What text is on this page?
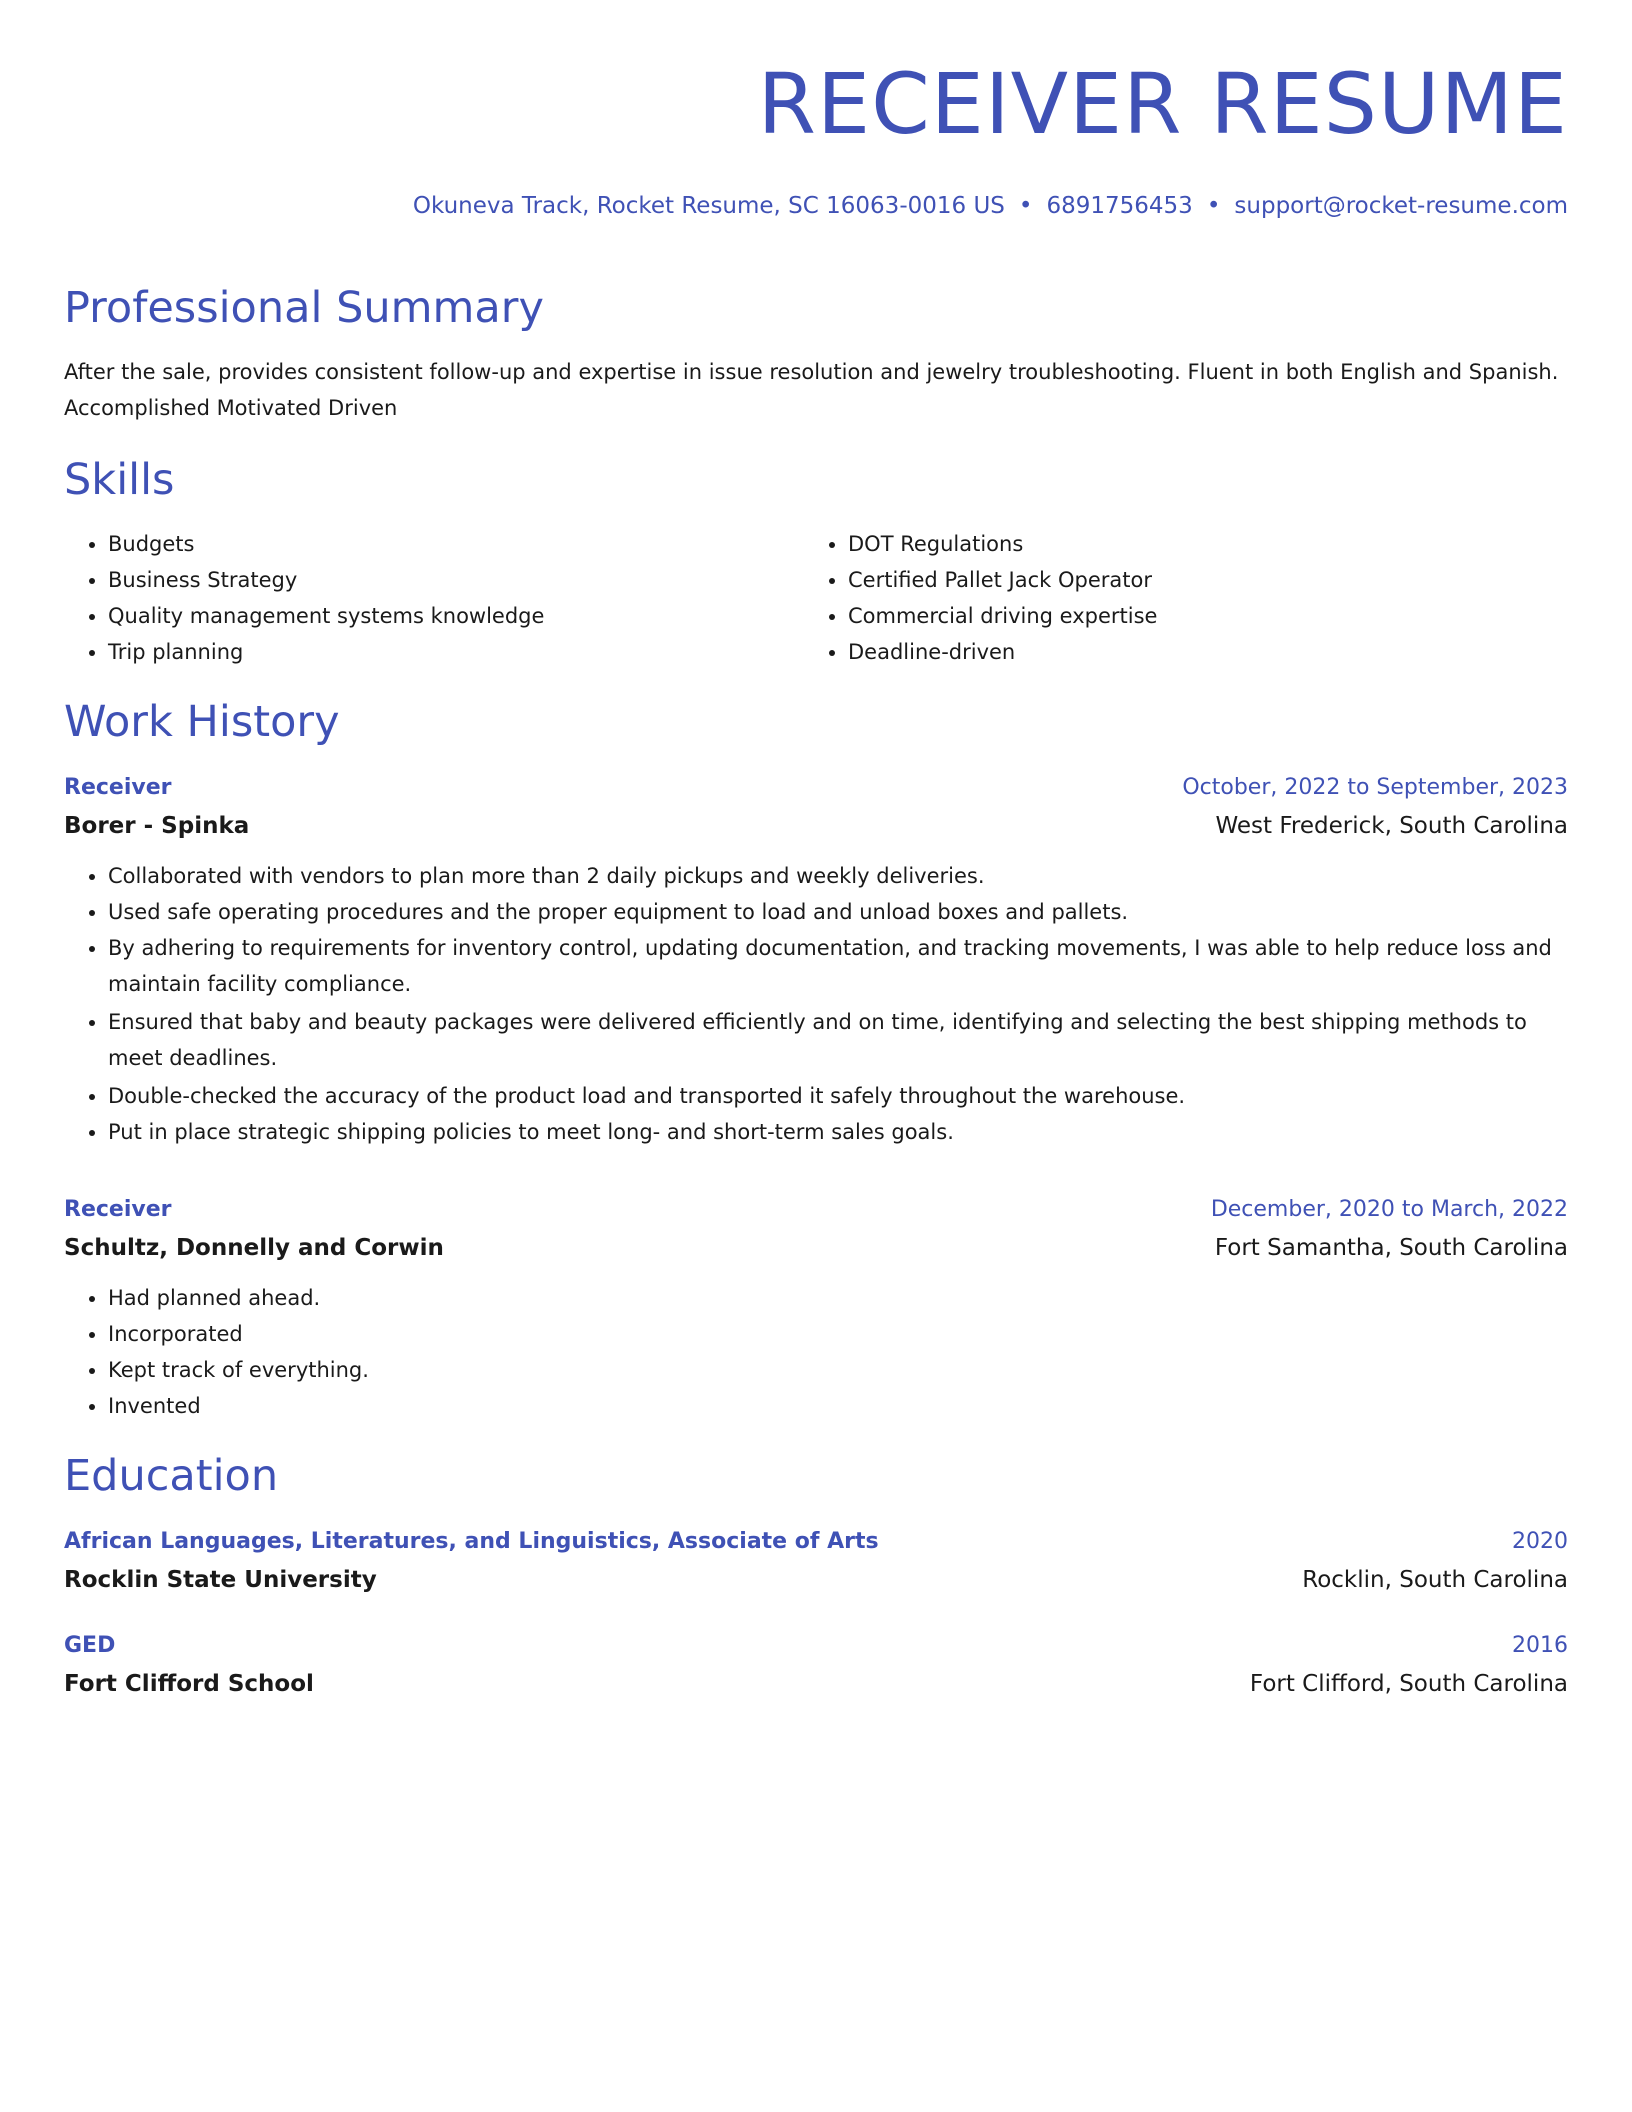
RECEIVER RESUME
Okuneva Track, Rocket Resume, SC 16063-0016 US • 6891756453 • support@rocket-resume.com
Professional Summary

After the sale, provides consistent follow-up and expertise in issue resolution and jewelry troubleshooting. Fluent in both English and Spanish. Accomplished Motivated Driven

Skills
• Budgets
• Business Strategy
• Quality management systems knowledge
• Trip planning
• DOT Regulations
• Certified Pallet Jack Operator
• Commercial driving expertise
• Deadline-driven
Work History
Receiver	October, 2022 to September, 2023
Borer - Spinka	West Frederick, South Carolina
• Collaborated with vendors to plan more than 2 daily pickups and weekly deliveries.
• Used safe operating procedures and the proper equipment to load and unload boxes and pallets.
• By adhering to requirements for inventory control, updating documentation, and tracking movements, I was able to help reduce loss and maintain facility compliance.
• Ensured that baby and beauty packages were delivered efficiently and on time, identifying and selecting the best shipping methods to meet deadlines.
• Double-checked the accuracy of the product load and transported it safely throughout the warehouse.
• Put in place strategic shipping policies to meet long- and short-term sales goals.
Receiver	December, 2020 to March, 2022
Schultz, Donnelly and Corwin	Fort Samantha, South Carolina
• Had planned ahead.
• Incorporated
• Kept track of everything.
• Invented
Education
African Languages, Literatures, and Linguistics, Associate of Arts	2020
Rocklin State University	Rocklin, South Carolina
GED	2016
Fort Clifford School	Fort Clifford, South Carolina
